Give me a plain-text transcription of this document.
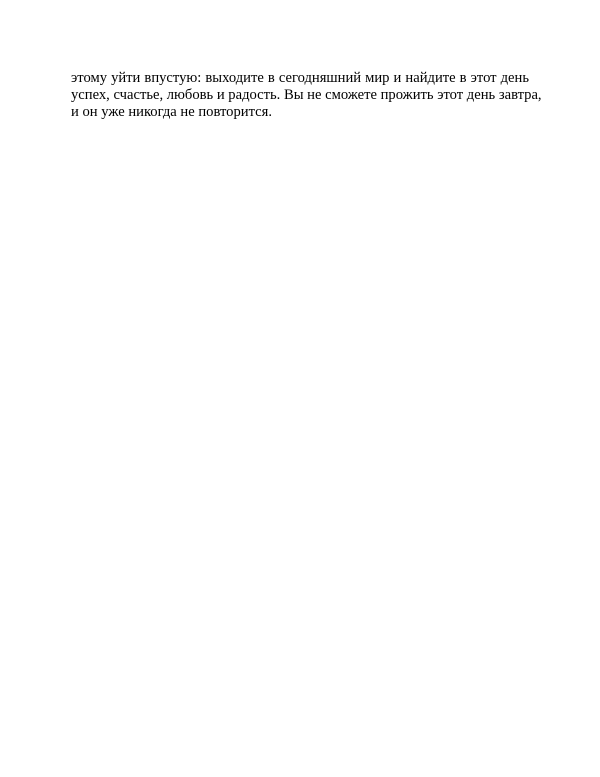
этому уйти впустую: выходите в сегодняшний мир и найдите в этот день
успех, счастье, любовь и радость. Вы не сможете прожить этот день завтра,
и он уже никогда не повторится.
